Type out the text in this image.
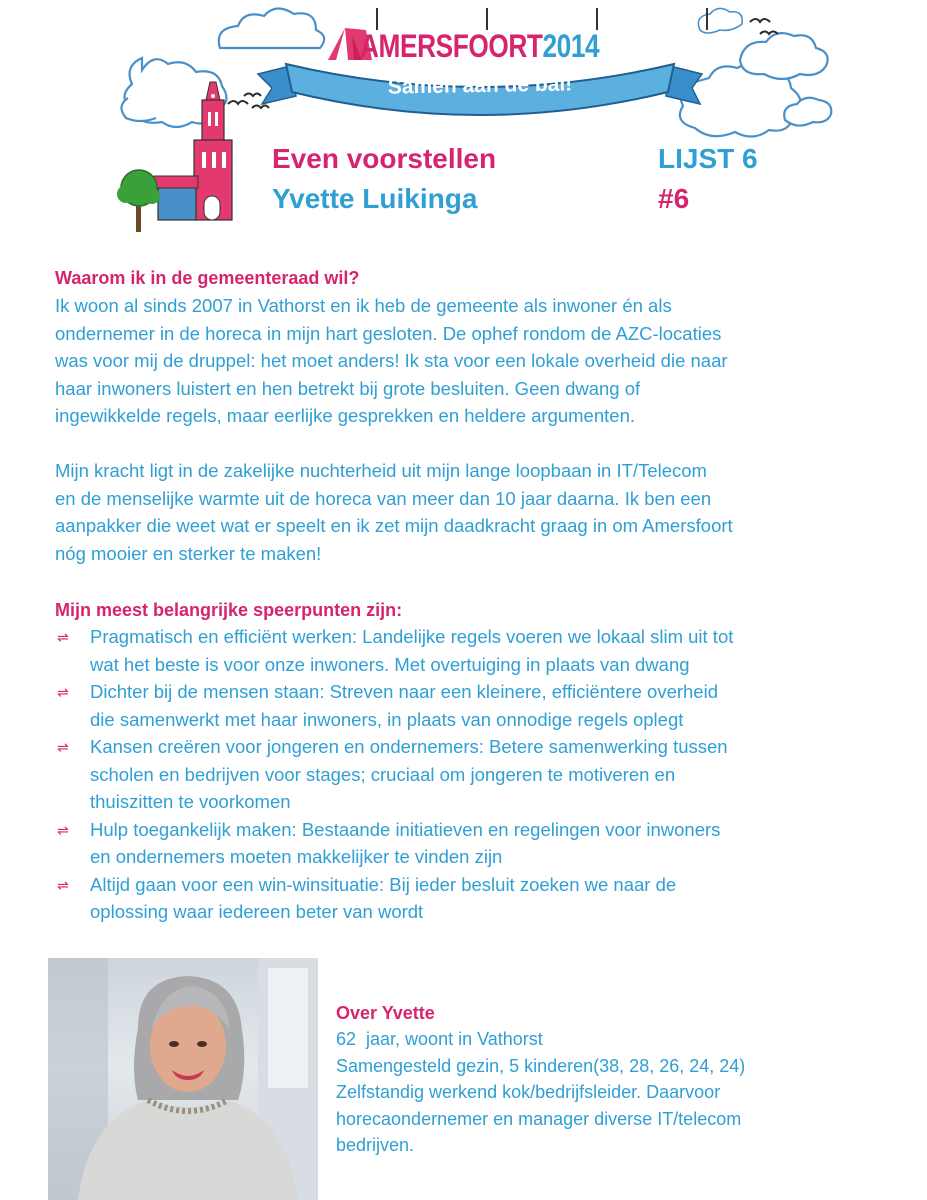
AMERSFOORT2014
Samen aan de bal!
Even voorstellen
Yvette Luikinga
LIJST 6
#6
Waarom ik in de gemeenteraad wil?

Ik woon al sinds 2007 in Vathorst en ik heb de gemeente als inwoner én als

ondernemer in de horeca in mijn hart gesloten. De ophef rondom de AZC-locaties

was voor mij de druppel: het moet anders! Ik sta voor een lokale overheid die naar

haar inwoners luistert en hen betrekt bij grote besluiten. Geen dwang of

ingewikkelde regels, maar eerlijke gesprekken en heldere argumenten.

Mijn kracht ligt in de zakelijke nuchterheid uit mijn lange loopbaan in IT/Telecom

en de menselijke warmte uit de horeca van meer dan 10 jaar daarna. Ik ben een

aanpakker die weet wat er speelt en ik zet mijn daadkracht graag in om Amersfoort

nóg mooier en sterker te maken!

Mijn meest belangrijke speerpunten zijn:
⇌ Pragmatisch en efficiënt werken: Landelijke regels voeren we lokaal slim uit tot

wat het beste is voor onze inwoners. Met overtuiging in plaats van dwang

⇌ Dichter bij de mensen staan: Streven naar een kleinere, efficiëntere overheid

die samenwerkt met haar inwoners, in plaats van onnodige regels oplegt

⇌ Kansen creëren voor jongeren en ondernemers: Betere samenwerking tussen

scholen en bedrijven voor stages; cruciaal om jongeren te motiveren en

thuiszitten te voorkomen

⇌ Hulp toegankelijk maken: Bestaande initiatieven en regelingen voor inwoners

en ondernemers moeten makkelijker te vinden zijn

⇌ Altijd gaan voor een win-winsituatie: Bij ieder besluit zoeken we naar de

oplossing waar iedereen beter van wordt

Over Yvette

62  jaar, woont in Vathorst

Samengesteld gezin, 5 kinderen(38, 28, 26, 24, 24)

Zelfstandig werkend kok/bedrijfsleider. Daarvoor

horecaondernemer en manager diverse IT/telecom

bedrijven.
